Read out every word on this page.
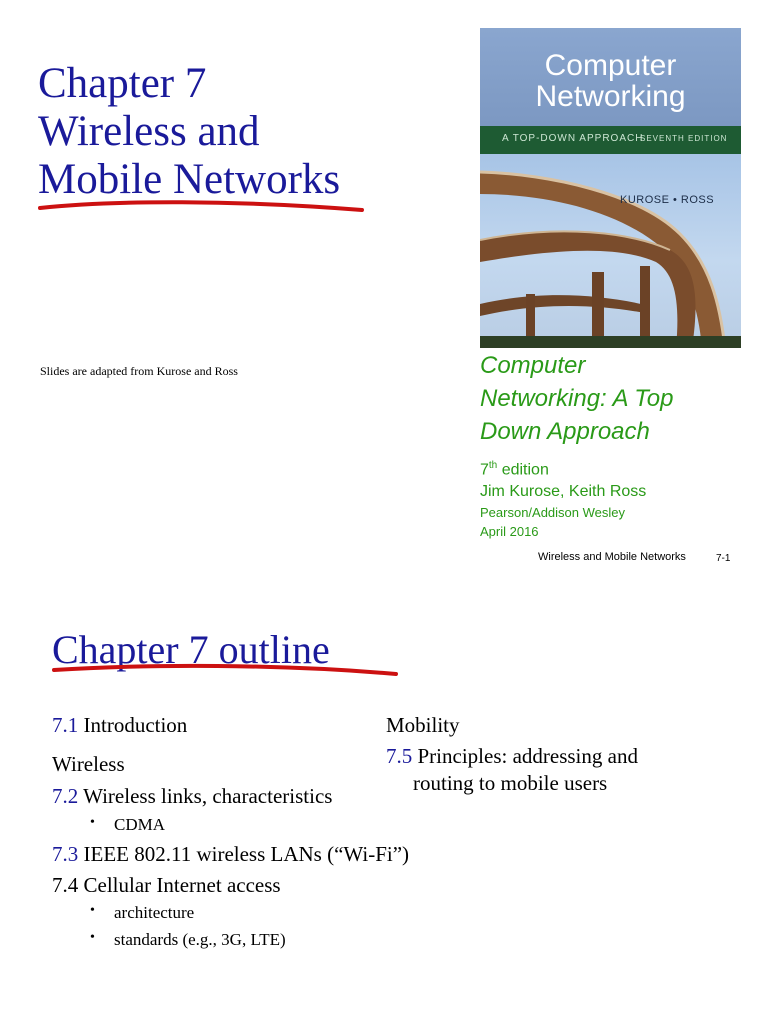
Chapter 7
Wireless and
Mobile Networks
Slides are adapted from Kurose and Ross
Computer
Networking
A TOP-DOWN APPROACH
SEVENTH EDITION
KUROSE • ROSS
Computer
Networking: A Top
Down Approach
7th edition
Jim Kurose, Keith Ross
Pearson/Addison Wesley
April 2016
Wireless and Mobile Networks	7-1
Chapter 7 outline
7.1 Introduction
Wireless
7.2 Wireless links, characteristics
• CDMA
7.3 IEEE 802.11 wireless LANs (“Wi-Fi”)
7.4 Cellular Internet access
• architecture
• standards (e.g., 3G, LTE)
Mobility
7.5 Principles: addressing and
routing to mobile users
